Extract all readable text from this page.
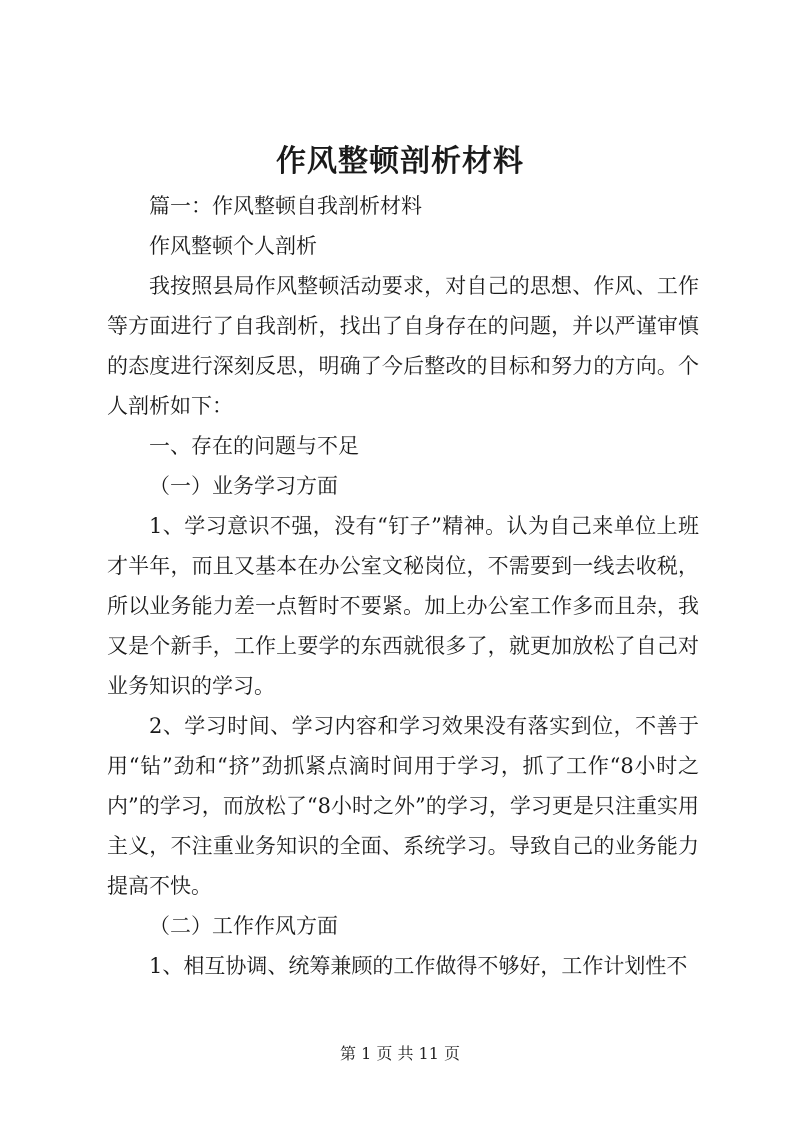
作风整顿剖析材料

篇一：作风整顿自我剖析材料

作风整顿个人剖析

我按照县局作风整顿活动要求，对自己的思想、作风、工作等方面进行了自我剖析，找出了自身存在的问题，并以严谨审慎的态度进行深刻反思，明确了今后整改的目标和努力的方向。个人剖析如下：

一、存在的问题与不足

（一）业务学习方面

1、学习意识不强，没有“钉子”精神。认为自己来单位上班才半年，而且又基本在办公室文秘岗位，不需要到一线去收税，所以业务能力差一点暂时不要紧。加上办公室工作多而且杂，我又是个新手，工作上要学的东西就很多了，就更加放松了自己对业务知识的学习。

2、学习时间、学习内容和学习效果没有落实到位，不善于用“钻”劲和“挤”劲抓紧点滴时间用于学习，抓了工作“8小时之内”的学习，而放松了“8小时之外”的学习，学习更是只注重实用主义，不注重业务知识的全面、系统学习。导致自己的业务能力提高不快。

（二）工作作风方面

1、相互协调、统筹兼顾的工作做得不够好，工作计划性不

第 1 页 共 11 页
